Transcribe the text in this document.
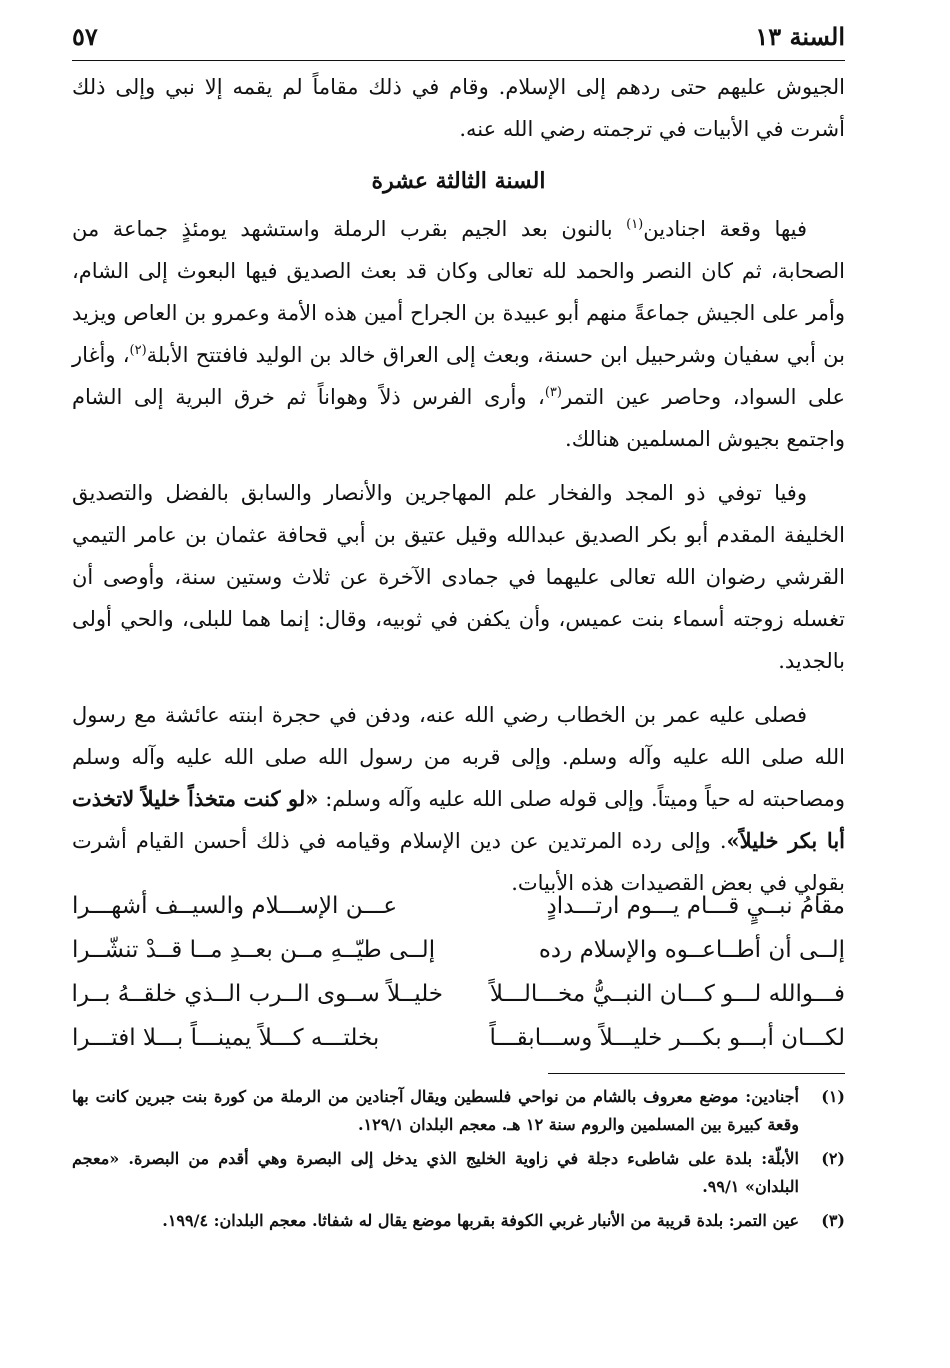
السنة ١٣
٥٧

الجيوش عليهم حتى ردهم إلى الإسلام. وقام في ذلك مقاماً لم يقمه إلا نبي وإلى ذلك أشرت في الأبيات في ترجمته رضي الله عنه.

السنة الثالثة عشرة

فيها وقعة اجنادين$^{(١)}$ بالنون بعد الجيم بقرب الرملة واستشهد يومئذٍ جماعة من الصحابة، ثم كان النصر والحمد لله تعالى وكان قد بعث الصديق فيها البعوث إلى الشام، وأمر على الجيش جماعةً منهم أبو عبيدة بن الجراح أمين هذه الأمة وعمرو بن العاص ويزيد بن أبي سفيان وشرحبيل ابن حسنة، وبعث إلى العراق خالد بن الوليد فافتتح الأبلة$^{(٢)}$، وأغار على السواد، وحاصر عين التمر$^{(٣)}$، وأرى الفرس ذلاً وهواناً ثم خرق البرية إلى الشام واجتمع بجيوش المسلمين هنالك.

وفيا توفي ذو المجد والفخار علم المهاجرين والأنصار والسابق بالفضل والتصديق الخليفة المقدم أبو بكر الصديق عبدالله وقيل عتيق بن أبي قحافة عثمان بن عامر التيمي القرشي رضوان الله تعالى عليهما في جمادى الآخرة عن ثلاث وستين سنة، وأوصى أن تغسله زوجته أسماء بنت عميس، وأن يكفن في ثوبيه، وقال: إنما هما للبلى، والحي أولى بالجديد.

فصلى عليه عمر بن الخطاب رضي الله عنه، ودفن في حجرة ابنته عائشة مع رسول الله صلى الله عليه وآله وسلم. وإلى قربه من رسول الله صلى الله عليه وآله وسلم ومصاحبته له حياً وميتاً. وإلى قوله صلى الله عليه وآله وسلم: «لو كنت متخذاً خليلاً لاتخذت أبا بكر خليلاً». وإلى رده المرتدين عن دين الإسلام وقيامه في ذلك أحسن القيام أشرت بقولي في بعض القصيدات هذه الأبيات.

مقامُ نبــيٍ قـــام يـــوم ارتـــدادٍ
عـــن الإســـلام والسيــف أشهـــرا
إلــى أن أطــاعــوه والإسلام رده
إلــى طيّــهِ مــن بعــدِ مــا قــدْ تنشّــرا
فـــوالله لـــو كـــان النبــيُّ مخـــالـــلاً
خليــلاً ســوى الــرب الــذي خلقــهُ بــرا
لكـــان أبـــو بكـــر خليـــلاً وســـابقـــاً
بخلتـــه كـــلاً يمينـــاً بـــلا افتـــرا
(١)
أجنادين: موضع معروف بالشام من نواحي فلسطين ويقال آجنادين من الرملة من كورة بنت جبرين كانت بها وقعة كبيرة بين المسلمين والروم سنة ١٢ هـ. معجم البلدان ١٢٩/١.
(٢)
الأبلّة: بلدة على شاطىء دجلة في زاوية الخليج الذي يدخل إلى البصرة وهي أقدم من البصرة. «معجم البلدان» ٩٩/١.
(٣)
عين التمر: بلدة قريبة من الأنبار غربي الكوفة بقربها موضع يقال له شفاثا. معجم البلدان: ١٩٩/٤.
